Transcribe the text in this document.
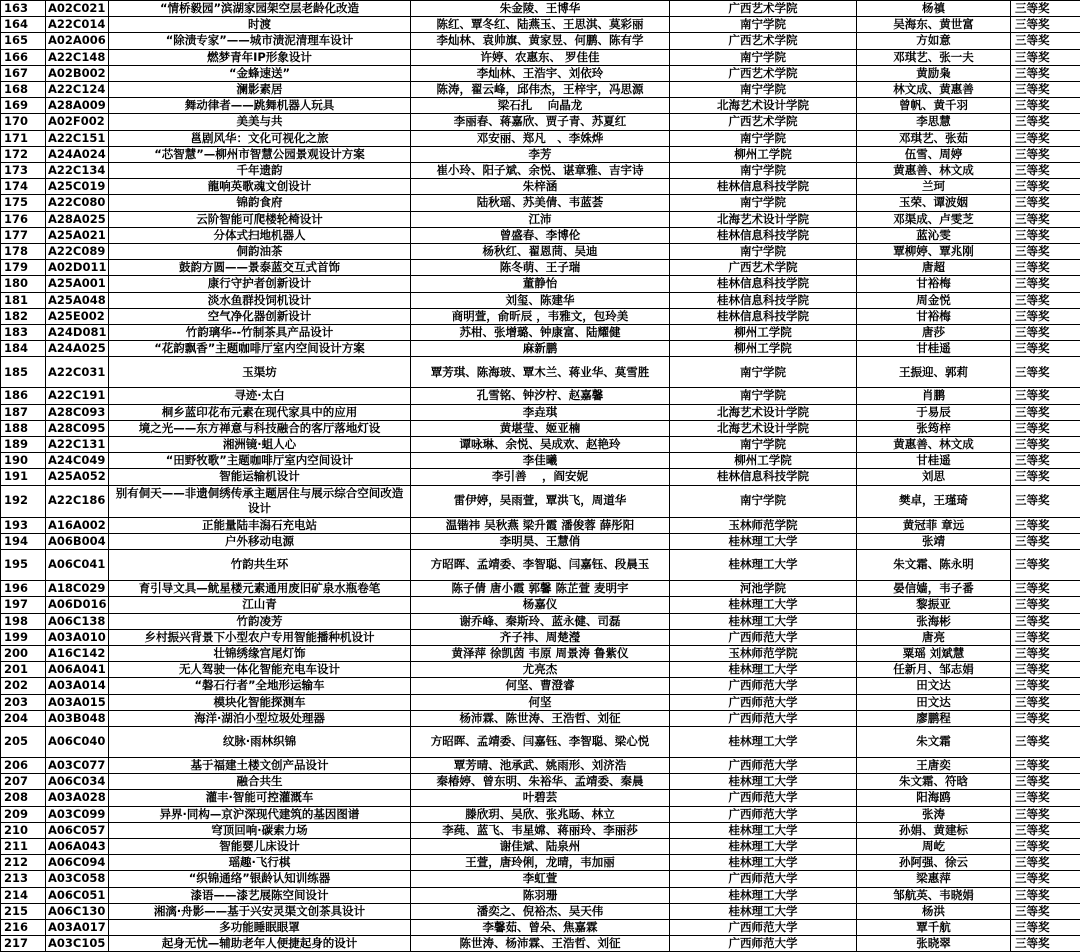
163	A02C021	“情桥毅园”滨湖家园架空层老龄化改造	朱金陵、王博华	广西艺术学院	杨禛	三等奖
164	A22C014	时渡	陈红、覃冬红、陆燕玉、王思淇、莫彩丽	南宁学院	吴海东、黄世富	三等奖
165	A02A006	“除渍专家”——城市渍泥清理车设计	李灿林、袁帅旗、黄家昱、何鹏、陈有学	广西艺术学院	方如意	三等奖
166	A22C148	燃梦青年IP形象设计	许婷、农惠东、 罗佳佳	南宁学院	邓琪艺、张一夫	三等奖
167	A02B002	“金蜂速送”	李灿林、王浩宇、刘依玲	广西艺术学院	黄励枭	三等奖
168	A22C124	澜影素居	陈涛，翟云峰，邱伟杰，王梓宇，冯思源	南宁学院	林文成、黄惠善	三等奖
169	A28A009	舞动律者——跳舞机器人玩具	梁石扎　 向晶龙	北海艺术设计学院	曾帆、黄千羽	三等奖
170	A02F002	美美与共	李丽春、蒋嘉欣、贾子青、苏夏红	广西艺术学院	李思慧	三等奖
171	A22C151	邕剧风华：文化可视化之旅	邓安丽、郑凡　、李姝烨	南宁学院	邓琪艺、张茹	三等奖
172	A24A024	“芯智慧”—柳州市智慧公园景观设计方案	李芳	柳州工学院	伍雪、周婷	三等奖
173	A22C134	千年遗韵	崔小玲、阳子斌、余悦、谌章雅、吉宇诗	南宁学院	黄惠善、林文成	三等奖
174	A25C019	龍响英歌魂文创设计	朱梓涵	桂林信息科技学院	兰珂	三等奖
175	A22C080	锦韵食府	陆秋瑶、苏美倩、韦蓝荟	南宁学院	玉荣、谭波姻	三等奖
176	A28A025	云阶智能可爬楼轮椅设计	江沛	北海艺术设计学院	邓渠成、卢雯芝	三等奖
177	A25A021	分体式扫地机器人	曾盛春、李博伦	桂林信息科技学院	蓝沁雯	三等奖
178	A22C089	侗韵油茶	杨秋红、翟恩茼、吴迪	南宁学院	覃柳婷、覃兆刚	三等奖
179	A02D011	鼓韵方圆——景泰蓝交互式首饰	陈冬萌、王子瑞	广西艺术学院	唐超	三等奖
180	A25A001	康行守护者创新设计	董静怡	桂林信息科技学院	甘裕梅	三等奖
181	A25A048	淡水鱼群投饲机设计	刘玺、陈建华	桂林信息科技学院	周金悦	三等奖
182	A25E002	空气净化器创新设计	商明萱，俞昕辰 ，韦雅文，包玲美	桂林信息科技学院	甘裕梅	三等奖
183	A24D081	竹韵璃华--竹制茶具产品设计	苏柑、张增璐、钟康富、陆耀健	柳州工学院	唐莎	三等奖
184	A24A025	“花韵飘香”主题咖啡厅室内空间设计方案	麻新鹏	柳州工学院	甘桂遥	三等奖
185	A22C031	玉渠坊	覃芳琪、陈海玻、覃木兰、蒋业华、莫雪胜	南宁学院	王振迎、郭莉	三等奖
186	A22C191	寻迹·太白	孔雪铭、钟汐柠、赵嘉馨	南宁学院	肖鹏	三等奖
187	A28C093	桐乡蓝印花布元素在现代家具中的应用	李垚琪	北海艺术设计学院	于易辰	三等奖
188	A28C095	境之光——东方禅意与科技融合的客厅落地灯设	黄堪莹、姬亚楠	北海艺术设计学院	张筠梓	三等奖
189	A22C131	湘洲镜·蛆人心	谭咏琳、余悦、吴成欢、赵艳玲	南宁学院	黄惠善、林文成	三等奖
190	A24C049	“田野牧歌”主题咖啡厅室内空间设计	李佳曦	柳州工学院	甘桂遥	三等奖
191	A25A052	智能运输机设计	李引善　 ，阎安妮	桂林信息科技学院	刘思	三等奖
192	A22C186	别有侗天——非遗侗绣传承主题居住与展示综合空间改造设计	雷伊婷，吴雨萱，覃洪飞，周道华	南宁学院	樊卓，王瑾琦	三等奖
193	A16A002	正能量陆丰潟石充电站	温锴祎 吴秋燕 梁升霞 潘俊蓉 薛彤阳	玉林师范学院	黄冠菲 章远	三等奖
194	A06B004	户外移动电源	李明昊、王慧俏	桂林理工大学	张靖	三等奖
195	A06C041	竹韵共生环	方昭晖、孟靖委、李智聪、闫嘉钰、段晨玉	桂林理工大学	朱文霜、陈永明	三等奖
196	A18C029	育引导文具—鱿星楼元素通用废旧矿泉水瓶卷笔	陈子倩 唐小霞 郭馨 陈芷萱 麦明宇	河池学院	晏信嫱，韦子番	三等奖
197	A06D016	江山青	杨嘉仪	桂林理工大学	黎振亚	三等奖
198	A06C138	竹韵凌芳	谢乔峰、秦斯玲、蓝永健、司磊	桂林理工大学	张海彬	三等奖
199	A03A010	乡村振兴背景下小型农户专用智能播种机设计	齐子祎、周楚瀅	广西师范大学	唐亮	三等奖
200	A16C142	壮锦绣缘宫尾灯饰	黄泽萍 徐凯茵 韦原 周景涛 鲁紫仪	玉林师范学院	粟瑶 刘斌慧	三等奖
201	A06A041	无人驾驶一体化智能充电车设计	尤亮杰	桂林理工大学	任新月、邹志娟	三等奖
202	A03A014	“磐石行者”全地形运输车	何坚、曹澄睿	广西师范大学	田文达	三等奖
203	A03A015	模块化智能探测车	何坚	广西师范大学	田文达	三等奖
204	A03B048	海洋·湖泊小型垃圾处理器	杨沛霖、陈世涛、王浩哲、刘征	广西师范大学	廖鹏程	三等奖
205	A06C040	纹脉·雨林织锦	方昭晖、孟靖委、闫嘉钰、李智聪、梁心悦	桂林理工大学	朱文霜	三等奖
206	A03C077	基于福建土楼文创产品设计	覃芳晴、池承武、姚雨形、刘济浩	广西师范大学	王唐奕	三等奖
207	A06C034	融合共生	秦椿婷、曾东明、朱裕华、孟靖委、秦晨	桂林理工大学	朱文霜、符晗	三等奖
208	A03A028	灌丰·智能可控灌溉车	叶碧芸	广西师范大学	阳海鸥	三等奖
209	A03C099	异界·同构—京沪深现代建筑的基因图谱	滕欣玥、吴欣、张兆旸、林立	广西师范大学	张涛	三等奖
210	A06C057	穹顶回响·碳索力场	李莼、蓝飞、韦星嫦、蒋丽玲、李丽莎	桂林理工大学	孙娟、黄建标	三等奖
211	A06A043	智能婴儿床设计	谢佳斌、陆泉州	桂林理工大学	周屹	三等奖
212	A06C094	瑶趣·飞行棋	王萱，唐玲俐，龙晴，韦加丽	桂林理工大学	孙阿强、徐云	三等奖
213	A03C058	“织锦通络”银龄认知训练器	李虹萱	广西师范大学	梁惠萍	三等奖
214	A06C051	漆语——漆艺展陈空间设计	陈羽珊	桂林理工大学	邹航英、韦晓娟	三等奖
215	A06C130	湘漓·舟影——基于兴安灵渠文创茶具设计	潘奕之、倪裕杰、吴天伟	桂林理工大学	杨洪	三等奖
216	A03A017	多功能睡眠眼罩	李馨茹、曾朵、焦嘉霖	广西师范大学	覃千航	三等奖
217	A03C105	起身无忧—辅助老年人便捷起身的设计	陈世涛、杨沛霖、王浩哲、刘征	广西师范大学	张晓翠	三等奖
